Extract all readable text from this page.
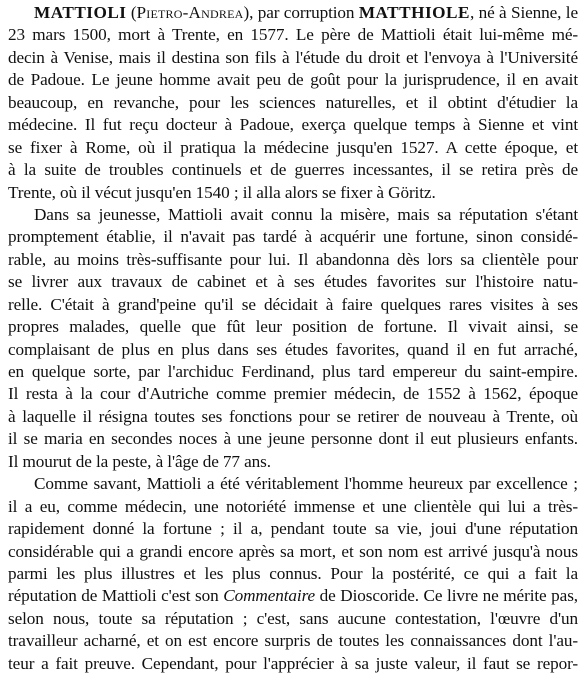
MATTIOLI (Pietro-Andrea), par corruption MATTHIOLE, né à Sienne, le
23 mars 1500, mort à Trente, en 1577. Le père de Mattioli était lui-même mé-
decin à Venise, mais il destina son fils à l'étude du droit et l'envoya à l'Université
de Padoue. Le jeune homme avait peu de goût pour la jurisprudence, il en avait
beaucoup, en revanche, pour les sciences naturelles, et il obtint d'étudier la
médecine. Il fut reçu docteur à Padoue, exerça quelque temps à Sienne et vint
se fixer à Rome, où il pratiqua la médecine jusqu'en 1527. A cette époque, et
à la suite de troubles continuels et de guerres incessantes, il se retira près de
Trente, où il vécut jusqu'en 1540 ; il alla alors se fixer à Göritz.
Dans sa jeunesse, Mattioli avait connu la misère, mais sa réputation s'étant
promptement établie, il n'avait pas tardé à acquérir une fortune, sinon considé-
rable, au moins très-suffisante pour lui. Il abandonna dès lors sa clientèle pour
se livrer aux travaux de cabinet et à ses études favorites sur l'histoire natu-
relle. C'était à grand'peine qu'il se décidait à faire quelques rares visites à ses
propres malades, quelle que fût leur position de fortune. Il vivait ainsi, se
complaisant de plus en plus dans ses études favorites, quand il en fut arraché,
en quelque sorte, par l'archiduc Ferdinand, plus tard empereur du saint-empire.
Il resta à la cour d'Autriche comme premier médecin, de 1552 à 1562, époque
à laquelle il résigna toutes ses fonctions pour se retirer de nouveau à Trente, où
il se maria en secondes noces à une jeune personne dont il eut plusieurs enfants.
Il mourut de la peste, à l'âge de 77 ans.
Comme savant, Mattioli a été véritablement l'homme heureux par excellence ;
il a eu, comme médecin, une notoriété immense et une clientèle qui lui a très-
rapidement donné la fortune ; il a, pendant toute sa vie, joui d'une réputation
considérable qui a grandi encore après sa mort, et son nom est arrivé jusqu'à nous
parmi les plus illustres et les plus connus. Pour la postérité, ce qui a fait la
réputation de Mattioli c'est son Commentaire de Dioscoride. Ce livre ne mérite pas,
selon nous, toute sa réputation ; c'est, sans aucune contestation, l'œuvre d'un
travailleur acharné, et on est encore surpris de toutes les connaissances dont l'au-
teur a fait preuve. Cependant, pour l'apprécier à sa juste valeur, il faut se repor-
